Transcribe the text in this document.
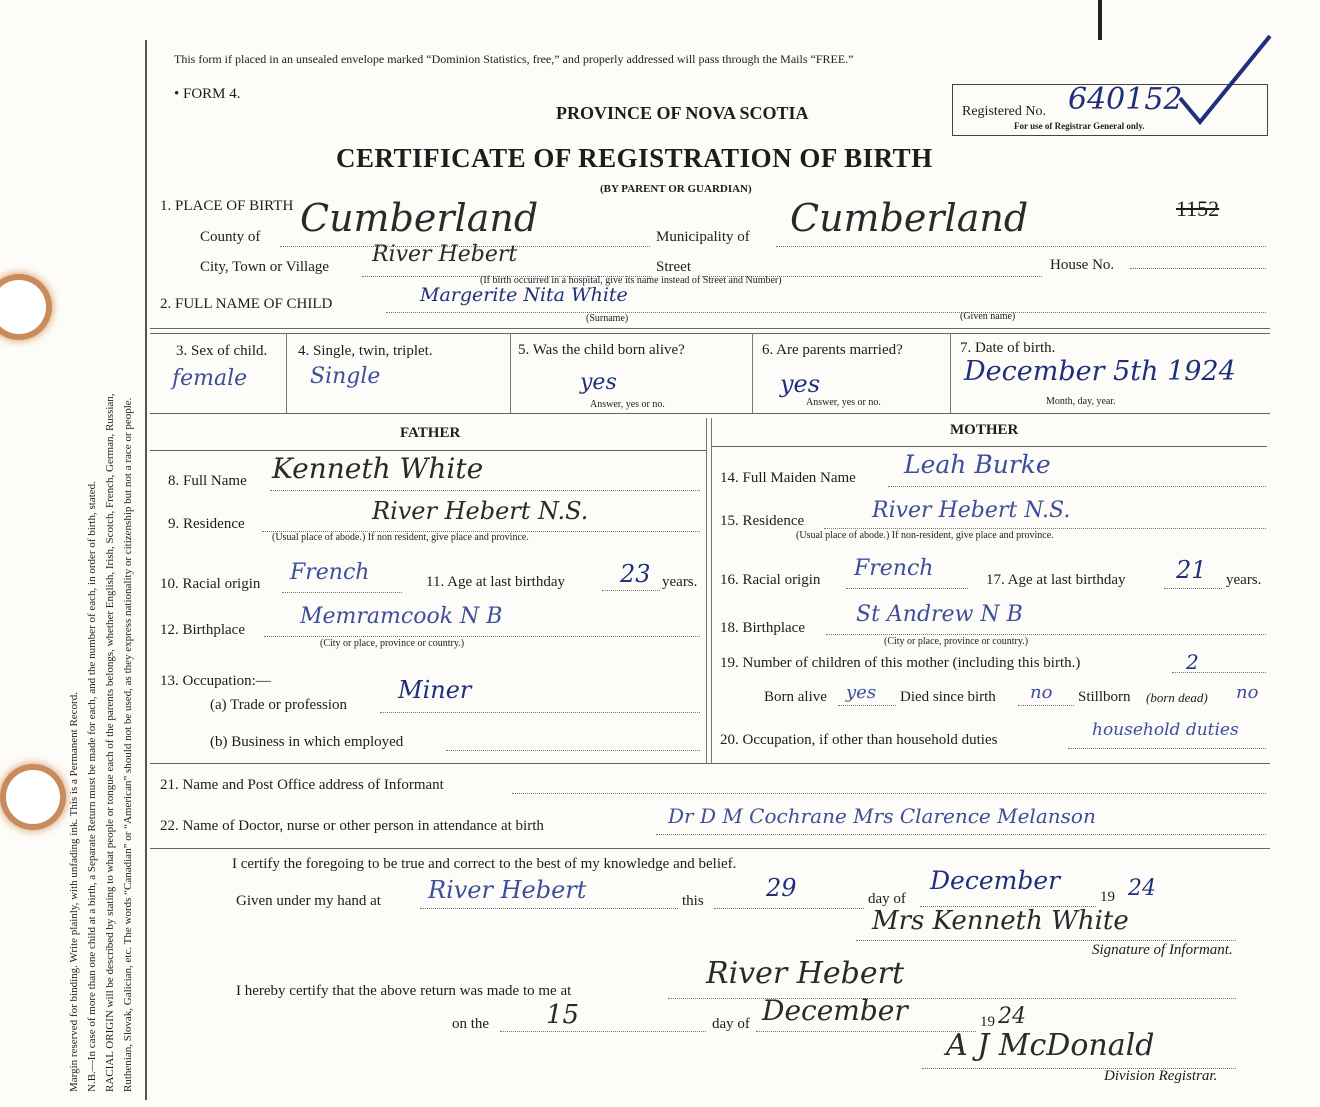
Margin reserved for binding. Write plainly, with unfading ink. This is a Permanent Record. N.B.—In case of more than one child at a birth, a Separate Return must be made for each, and the number of each, in order of birth, stated. RACIAL ORIGIN will be described by stating to what people or tongue each of the parents belongs, whether English, Irish, Scotch, French, German, Russian, Ruthenian, Slovak, Galician, etc. The words “Canadian” or “American” should not be used, as they express nationality or citizenship but not a race or people.
This form if placed in an unsealed envelope marked “Dominion Statistics, free,” and properly addressed will pass through the Mails “FREE.”
• FORM 4.
PROVINCE OF NOVA SCOTIA
CERTIFICATE OF REGISTRATION OF BIRTH
(BY PARENT OR GUARDIAN)
Registered No. 640152
For use of Registrar General only.
1. PLACE OF BIRTH
County of Cumberland	Municipality of Cumberland	1152
City, Town or Village River Hebert	Street	House No.
(If birth occurred in a hospital, give its name instead of Street and Number)
2. FULL NAME OF CHILD	Margerite Nita White
(Surname)	(Given name)
3. Sex of child.
female
4. Single, twin, triplet.
Single
5. Was the child born alive?
yes
Answer, yes or no.
6. Are parents married?
yes
Answer, yes or no.
7. Date of birth.
December 5th 1924
Month, day, year.
FATHER
8. Full Name Kenneth White
9. Residence	River Hebert N.S.
(Usual place of abode.) If non resident, give place and province.
10. Racial origin French	11. Age at last birthday 23 years.
12. Birthplace
Memramcook N B
(City or place, province or country.)
13. Occupation:—
(a) Trade or profession
Miner
(b) Business in which employed
MOTHER
14. Full Maiden Name Leah Burke
15. Residence	River Hebert N.S.
(Usual place of abode.) If non-resident, give place and province.
16. Racial origin French	17. Age at last birthday 21 years.
18. Birthplace
St Andrew N B
(City or place, province or country.)
19. Number of children of this mother (including this birth.)	2
Born alive yes Died since birth no Stillborn (born dead) no
20. Occupation, if other than household duties	household duties
21. Name and Post Office address of Informant
22. Name of Doctor, nurse or other person in attendance at birth	Dr D M Cochrane Mrs Clarence Melanson
I certify the foregoing to be true and correct to the best of my knowledge and belief.
Given under my hand at River Hebert	this	29	day of
December
19 24
Mrs Kenneth White
Signature of Informant.
I hereby certify that the above return was made to me at	River Hebert
on the 15	day of December	19 24
A J McDonald
Division Registrar.
